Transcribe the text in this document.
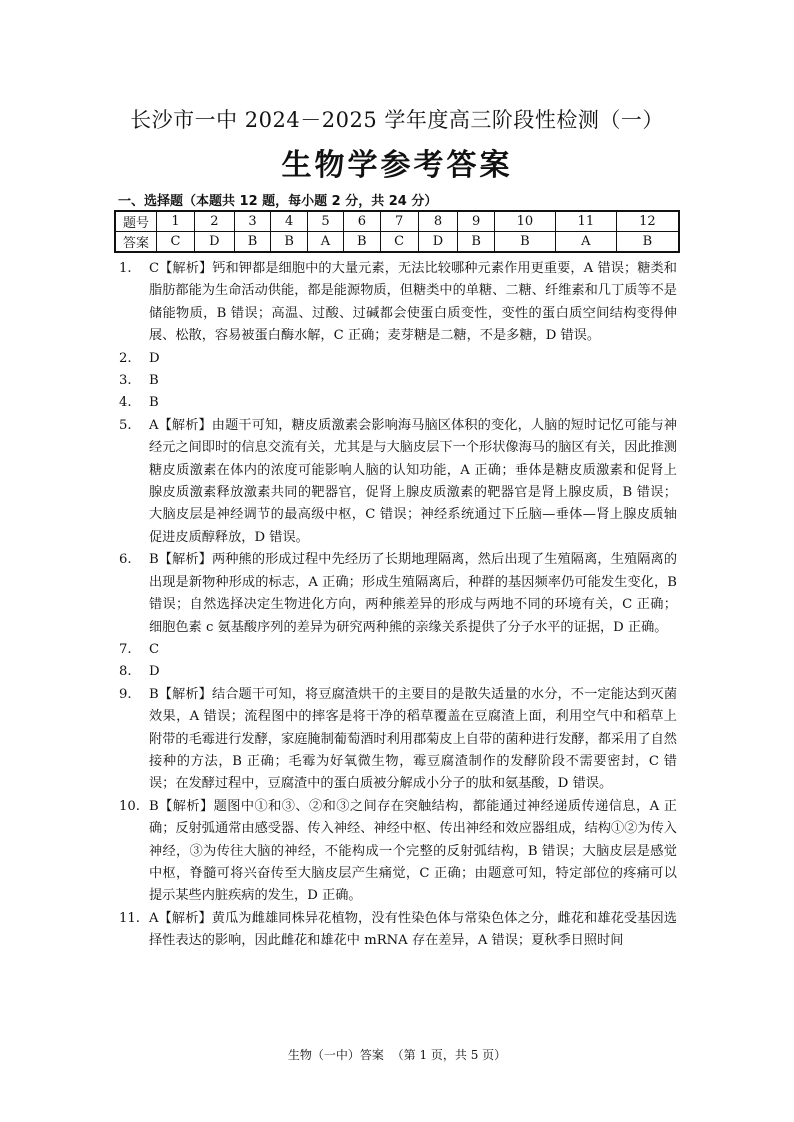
长沙市一中 2024－2025 学年度高三阶段性检测（一）
生物学参考答案
一、选择题（本题共 12 题，每小题 2 分，共 24 分）
题号	1	2	3	4	5	6	7	8	9	10	11	12
答案	C	D	B	B	A	B	C	D	B	B	A	B
1.	C【解析】钙和钾都是细胞中的大量元素，无法比较哪种元素作用更重要，A 错误；糖类和脂肪都能为生命活动供能，都是能源物质，但糖类中的单糖、二糖、纤维素和几丁质等不是储能物质，B 错误；高温、过酸、过碱都会使蛋白质变性，变性的蛋白质空间结构变得伸展、松散，容易被蛋白酶水解，C 正确；麦芽糖是二糖，不是多糖，D 错误。
2.	D
3.	B
4.	B
5.	A【解析】由题干可知，糖皮质激素会影响海马脑区体积的变化，人脑的短时记忆可能与神经元之间即时的信息交流有关，尤其是与大脑皮层下一个形状像海马的脑区有关，因此推测糖皮质激素在体内的浓度可能影响人脑的认知功能，A 正确；垂体是糖皮质激素和促肾上腺皮质激素释放激素共同的靶器官，促肾上腺皮质激素的靶器官是肾上腺皮质，B 错误；大脑皮层是神经调节的最高级中枢，C 错误；神经系统通过下丘脑—垂体—肾上腺皮质轴促进皮质醇释放，D 错误。
6.	B【解析】两种熊的形成过程中先经历了长期地理隔离，然后出现了生殖隔离，生殖隔离的出现是新物种形成的标志，A 正确；形成生殖隔离后，种群的基因频率仍可能发生变化，B 错误；自然选择决定生物进化方向，两种熊差异的形成与两地不同的环境有关，C 正确；细胞色素 c 氨基酸序列的差异为研究两种熊的亲缘关系提供了分子水平的证据，D 正确。
7.	C
8.	D
9.	B【解析】结合题干可知，将豆腐渣烘干的主要目的是散失适量的水分，不一定能达到灭菌效果，A 错误；流程图中的摔客是将干净的稻草覆盖在豆腐渣上面，利用空气中和稻草上附带的毛霉进行发酵，家庭腌制葡萄酒时利用郡菊皮上自带的菌种进行发酵，都采用了自然接种的方法，B 正确；毛霉为好氧微生物，霉豆腐渣制作的发酵阶段不需要密封，C 错误；在发酵过程中，豆腐渣中的蛋白质被分解成小分子的肽和氨基酸，D 错误。
10. B【解析】题图中①和③、②和③之间存在突触结构，都能通过神经递质传递信息，A 正确；反射弧通常由感受器、传入神经、神经中枢、传出神经和效应器组成，结构①②为传入神经，③为传往大脑的神经，不能构成一个完整的反射弧结构，B 错误；大脑皮层是感觉中枢，脊髓可将兴奋传至大脑皮层产生痛觉，C 正确；由题意可知，特定部位的疼痛可以提示某些内脏疾病的发生，D 正确。
11. A【解析】黄瓜为雌雄同株异花植物，没有性染色体与常染色体之分，雌花和雄花受基因选择性表达的影响，因此雌花和雄花中 mRNA 存在差异，A 错误；夏秋季日照时间
生物（一中）答案 （第 1 页，共 5 页）
